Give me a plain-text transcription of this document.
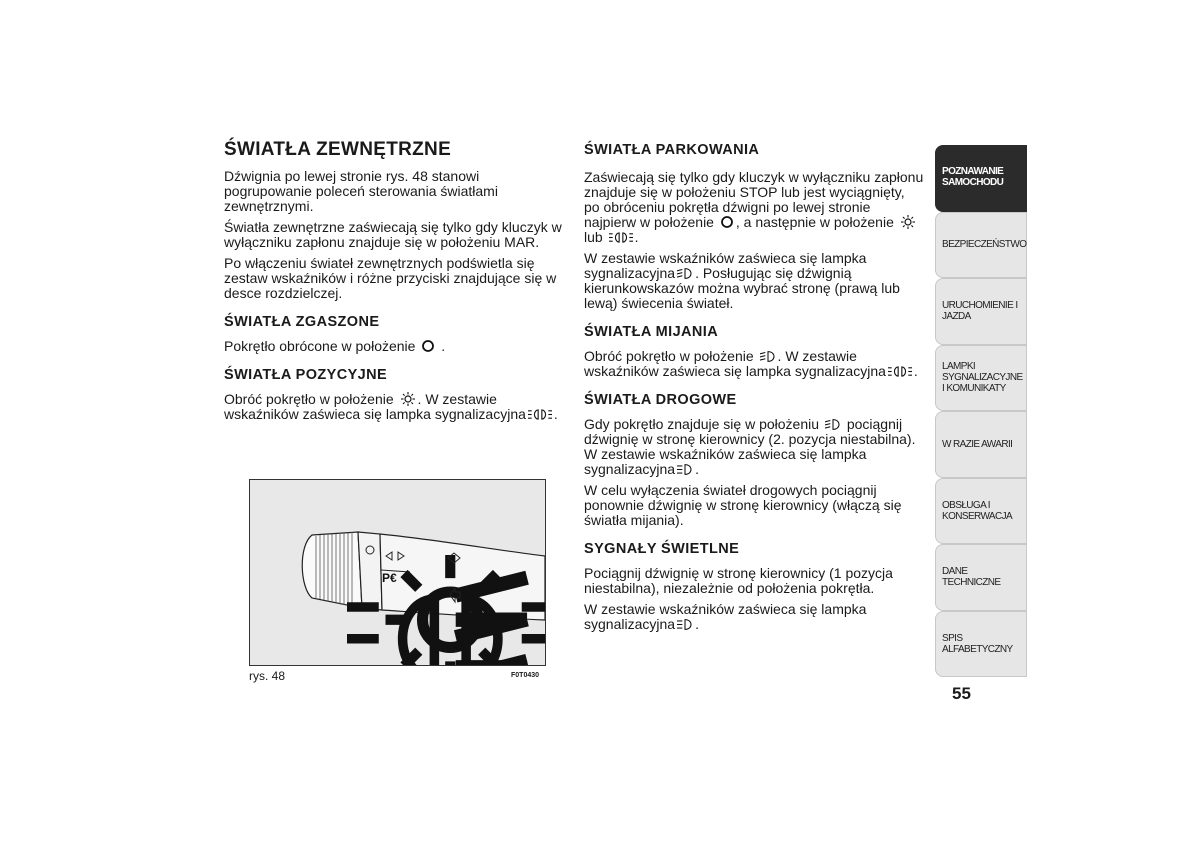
ŚWIATŁA ZEWNĘTRZNE

Dźwignia po lewej stronie rys. 48 stanowi pogrupowanie poleceń sterowania światłami zewnętrznymi.

Światła zewnętrzne zaświecają się tylko gdy kluczyk w wyłączniku zapłonu znajduje się w położeniu MAR.

Po włączeniu świateł zewnętrznych podświetla się zestaw wskaźników i różne przyciski znajdujące się w desce rozdzielczej.

ŚWIATŁA ZGASZONE

Pokrętło obrócone w położenie  .

ŚWIATŁA POZYCYJNE

Obróć pokrętło w położenie . W zestawie wskaźników zaświeca się lampka sygnalizacyjna .

P€
rys. 48	F0T0430
ŚWIATŁA PARKOWANIA

Zaświecają się tylko gdy kluczyk w wyłączniku zapłonu znajduje się w położeniu STOP lub jest wyciągnięty, po obróceniu pokrętła dźwigni po lewej stronie najpierw w położenie , a następnie w położenie  lub .

W zestawie wskaźników zaświeca się lampka sygnalizacyjna . Posługując się dźwignią kierunkowskazów można wybrać stronę (prawą lub lewą) świecenia świateł.

ŚWIATŁA MIJANIA

Obróć pokrętło w położenie . W zestawie wskaźników zaświeca się lampka sygnalizacyjna .

ŚWIATŁA DROGOWE

Gdy pokrętło znajduje się w położeniu pociągnij dźwignię w stronę kierownicy (2. pozycja niestabilna). W zestawie wskaźników zaświeca się lampka sygnalizacyjna .

W celu wyłączenia świateł drogowych pociągnij ponownie dźwignię w stronę kierownicy (włączą się światła mijania).

SYGNAŁY ŚWIETLNE

Pociągnij dźwignię w stronę kierownicy (1 pozycja niestabilna), niezależnie od położenia pokrętła.

W zestawie wskaźników zaświeca się lampka sygnalizacyjna .

POZNAWANIE SAMOCHODU
BEZPIECZEŃSTWO
URUCHOMIENIE I JAZDA
LAMPKI SYGNALIZACYJNE I KOMUNIKATY
W RAZIE AWARII
OBSŁUGA I KONSERWACJA
DANE TECHNICZNE
SPIS ALFABETYCZNY
55
